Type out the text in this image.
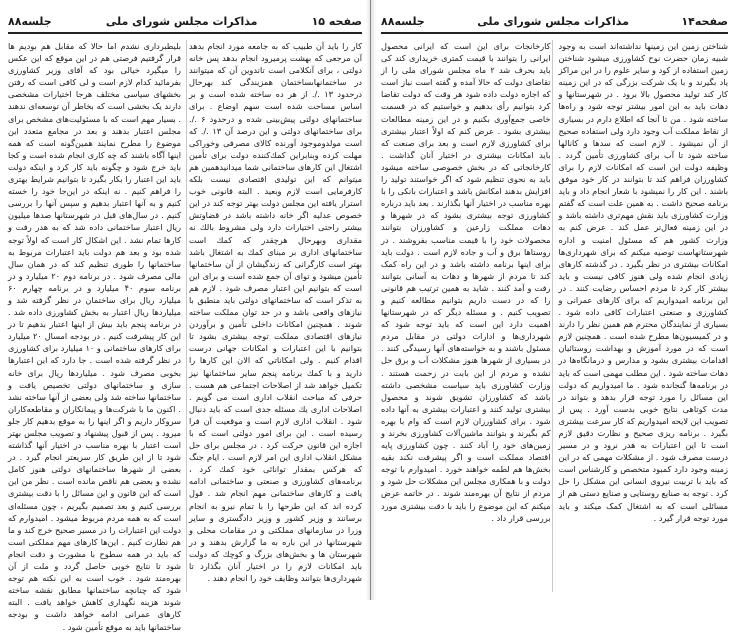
صفحه ۱۵
مذاکرات مجلس شورای ملی
جلسه۸۸

كار را بايد آن طبيب كه به جامعه مورد انجام بدهد آن مرجعى كه بهشت پرميرود انجام بدهد پس خانه دولتى ، براى آنكلامى است تاتدوین آن كه ميتوانند در ساختمانهاىساختمان همزيندگى كند بهرحال درحدود ۱۳ ./. از هر ده ساخته شده است و بر اساس مساحت شده است سهم اوضاع . براى ساختمانهای دولتی پیش‌بینی شده و درحدود ۶ ./. براى ساختمانهاى دولتی و این درصد آن ۱۳ ./. كه است مولدوموجود آورنده كالاى مصرفى وخوراكى مهلت كرده وبنابراين كمك‌كننده دولت براى تأمين اشتغال اين كارهای ساختمانی شما ميدانيدهمين هم ميتوانم كه اين توليدى اقتصادى نيست بلكه كارفرمايى است لازم وبعيد . البته قانونى خوب استرار يافته اين مجلس دولت بهتر توجه كند در اين خصوص عدليه اگر خانه داشته باشد در قضاوتش بيشتر راحتى اختيارات دارد ولى مشروط بالك نه مقدارى وبهرحال هرچقدر كه كمك است ساختمانهاى اداری بر مبناى كمك به اشتغال باشد بهتر است كارگرانى كه زندگیشان از آن ساختمانها تأمين ميشود و تواى آن جمع شده است و برای این است كه بتوانيم اين اعتبار مصرف شود . لازم هم به تذكر است كه ساختمانهای دولتی باید منطبق با نیازهای واقعی باشد و در حد توان مملكت ساخته شوند . همچنين امكانات داخلى تأمين و برآوردن نيازهاى اقتصادى مملكت توجه بيشترى بشود تا بتوانيم با اين اعتبارات و امكانات جهانى درست اقدام كنيم . ولى امكاناتي كه الان اين كارها را داريد و با كمك برنامه پنجم ساير ساختمانها نيز تكميل خواهد شد از اصلاحات اجتماعى هم هست . حرفى كه مباحث انقلاب ادارى است مى گويم . اصلاحات ادارى يك مسئله جدی است كه باید دنبال شود . انقلاب ادارى لازم است و موقعيت آن فرا رسيده است . اين براى امور دولتی است كه با اجازه اين قانون حرکت کرد . در مجلس برای حل مشکل انقلاب اداری این امر لازم است . ایام جنگ که هرکس بمقدار توانائی خود كمك كرد ، برنامه‌های كشاورزى و صنعتی و ساختمانی ادامه یافت و کارهای ساختمانی مهم انجام شد . قول كرده اند كه اين طرحها را با تمام نیرو به انجام برسانند و وزیر کشور و وزیر دادگستری و سایر وزرا در سازمانهای مملکتی و در مقامات محلی و شهرستانها در این باره به ما گزارش بدهند و در شهرستان ها و بخش‌های بزرگ و كوچك كه دولت بايد امكانات لازم را در اختيار آنان بگذارد تا شهرداری‌ها بتوانند وظایف خود را انجام دهند .

بلیطبرداری نشدم اما حالا كه مقابل هم بودیم ها قرار گرفتیم فرصتى هم در اين موقع كه این عکس را میگیرد خیالی بود که آقای وزیر کشاورزی بفرمائید کدام لازم است و لى کافی است كه رفتن بخشهای سیاسی مختلف هرجا اختیارات مشخصی دارند یک بخشی است که بخاطر آن توسعه‌ای ندهند . بسیار مهم است که با مسئولیت‌های مشخص برای مجلس اعتبار بدهند و بعد در مجامع متعدد این موضوع را مطرح نمایند همین‌گونه است که همه اینها آگاه باشند که چه کاری انجام شده است و کجا باید خرج شود و چگونه باید کار کرد و اينكه دولت بايد اين اعتبار را بكار بگيرد تا بتوانيم شرایط بهتری را فراهم کنیم . نه اینکه در این‌جا خود را خسته کنیم و به آنها اعتبار بدهیم و سپس آنها را بررسی کنیم . در سال‌های قبل در شهرستانها صدها میلیون ریال اعتبار ساختمانی داده شد که به هدر رفت و کارها تمام نشد . این اشکال کار است که اولاً توجه شده بود و بعد هم دولت باید اعتبارات مربوط به ساختمانها را طوری تنظیم کند که در همان سال مالی مصرف شود . در برنامه دوم ۲۰ میلیارد و در برنامه سوم ۴۰ میلیارد و در برنامه چهارم ۶۰ میلیارد ریال برای ساختمان در نظر گرفته شد و میلیاردها ریال اعتبار به بخش کشاورزی داده شد . در برنامه پنجم باید بیش از اینها اعتبار بدهیم تا در این کار پیشرفت کنیم . در بودجه امسال ۲۰ میلیارد برای کارهای ساختمانی و ۱۰ میلیارد برای کشاورزی در نظر گرفته شده است . جا دارد که این اعتبارها بخوبی مصرف شود . میلیاردها ریال برای خانه سازی و ساختمانهای دولتی تخصیص یافت و ساختمانها ساخته شد ولی بعضی از آنها ساخته نشد . اکنون ما با شرکت‌ها و پیمانکاران و مقاطعه‌کاران سروکار داریم و اگر اینها را به موقع بدهیم کار جلو میرود . پس از قبول پیشنهاد و تصویب مجلس بهتر است اعتبار با بهره مناسب در اختیار آنها گذاشته شود تا از این طریق کار سریعتر انجام گیرد . در بعضی از شهرها ساختمانهای دولتی هنوز کامل نشده و بعضی هم ناقص مانده است . نظر من این است که این قانون و این مسائل را با دقت بیشتری بررسی کنیم و بعد تصمیم بگیریم ، چون مسئله‌ای است که به همه مردم مربوط میشود . امیدوارم که دولت این اعتبارات را در مسیر صحیح خرج کند و ما هم نظارت کنیم . این‌ها کارهای مهم مملکتی است که باید در همه سطوح با مشورت و دقت انجام شود تا نتایج خوبی حاصل گردد و ملت از آن بهره‌مند شود . خوب است به این نکته هم توجه شود که چنانچه ساختمانها مطابق نقشه ساخته شوند هزینه نگهداری کاهش خواهد یافت . البته کارهای عمرانی ادامه خواهد داشت و بودجه ساختمانها باید به موقع تأمین شود .

صفحه۱۴
مذاکرات مجلس شورای ملی
جلسه۸۸

شناختن زمین این زمینها نداشته‌اند است به وجود شبیه زمان حضرت نوح کشاورزی میشود شناختن زمین استفاده از کود و سایر علوم را در این مراکز یاد بگیرند و با یک شرکت بزرگی که در این زمینه کار کند تولید محصول بالا برود . در شهرستانها و دهات باید به این امور بیشتر توجه شود و راه‌ها ساخته شود . من تا آنجا که اطلاع دارم در بسیاری از نقاط مملکت آب وجود دارد ولی استفاده صحیح از آن نمیشود . لازم است که سدها و کانالها ساخته شود تا آب برای کشاورزی تأمین گردد . وظیفه دولت این است که امکانات لازم را برای کشاورزان فراهم کند تا بتوانند در کار خود موفق باشند . این کار را نمیشود با شعار انجام داد و باید برنامه صحیح داشت . به همین علت است که گفتم وزارت کشاورزی باید نقش مهم‌تری داشته باشد و در این زمینه فعال‌تر عمل کند . عرض کنم به وزارت کشور هم که مسئول امنیت و اداره شهرستانهاست توصیه میکنم که برای شهرداری‌ها امکانات بیشتری در نظر بگیرد . در گذشته کارهای زیادی انجام شده ولی هنوز کافی نیست و باید بیشتر کار کرد تا مردم احساس رضایت کنند . در این برنامه امیدواریم که برای کارهای عمرانی و کشاورزی و صنعتی اعتبارات کافی داده شود . بسیاری از نمایندگان محترم هم همین نظر را دارند و در کمیسیون‌ها مطرح شده است . همچنین لازم است که در مورد آموزش و بهداشت روستائیان اقدامات بیشتری بشود و مدارس و درمانگاه‌ها در دهات ساخته شود . این مطلب مهمی است که باید در برنامه‌ها گنجانده شود . ما امیدواریم که دولت این مسائل را مورد توجه قرار بدهد و بتواند در مدت کوتاهی نتایج خوبی بدست آورد . پس از تصویب این لایحه امیدواریم که کار سرعت بیشتری بگیرد . برنامه ریزی صحیح و نظارت دقیق لازم است تا این اعتبارات به هدر نرود و در مسیر درست مصرف شود . از مشکلات مهمی که در این زمینه وجود دارد کمبود متخصص و کارشناس است که باید با تربیت نیروی انسانی این مشکل را حل کرد . توجه به صنایع روستایی و صنایع دستی هم از مسائلی است که به اشتغال کمک میکند و باید مورد توجه قرار گیرد .

كارخانجات برای این است که ایرانی محصول ایرانی را بتوانند با قیمت کمتری خریداری کند کی باید بحرف شد ۲ ماه مجلس شورای ملی را از تقاضای دولت که حالا آمده و گفته است نیاز است که اجازه دولت داده شود هر وقت که دولت تقاضا کرد بتوانیم رأی بدهیم و خواستیم که در قسمت خاصی جمع‌آوری بکنیم و در این زمینه مطالعات بیشتری بشود . عرض کنم که اولاً اعتبار بیشتری برای کشاورزی لازم است و بعد برای صنعت که باید امکانات بیشتری در اختیار آنان گذاشت . کارخانجاتی که در بخش خصوصی ساخته میشود باید به نحوی تنظیم شود که اگر خواستند تولید را افزایش بدهند امکانش باشد و اعتبارات بانکی را با بهره مناسب در اختیار آنها بگذارند . بعد باید درباره کشاورزی توجه بیشتری بشود که در شهرها و دهات مملکت زارعین و کشاورزان بتوانند محصولات خود را با قیمت مناسب بفروشند . در روستاها برق و آب و جاده لازم است . دولت باید برای اینها برنامه داشته باشد و در این راه کمک کند تا مردم از شهرها و دهات به آسانی بتوانند رفت و آمد کنند . شاید به همین ترتیب هم قانونی را که در دست داریم بتوانیم مطالعه کنیم و تصویب کنیم . و مسئله دیگر که در شهرستانها اهمیت دارد این است که باید توجه شود که شهرداری‌ها و ادارات دولتی در مقابل مردم مسئول باشند و به خواسته‌های آنها رسیدگی کنند . در بسیاری از شهرها هنوز مشکلات آب و برق حل نشده و مردم از این بابت در زحمت هستند . وزارت کشاورزی باید سیاست مشخصی داشته باشد که کشاورزان تشویق شوند و محصول بیشتری تولید کنند و اعتبارات بیشتری به آنها داده شود . برای کشاورزان لازم است که وام با بهره کم بگیرند و بتوانند ماشین‌آلات کشاورزی بخرند و زمین‌های خود را آباد کنند . چون کشاورزی پایه اقتصاد مملکت است و اگر پیشرفت نکند بقیه بخش‌ها هم لطمه خواهند خورد . امیدوارم با توجه دولت و با همکاری مجلس این مشکلات حل شود و مردم از نتایج آن بهره‌مند شوند . در خاتمه عرض میکنم که این موضوع را باید با دقت بیشتری مورد بررسی قرار داد .
